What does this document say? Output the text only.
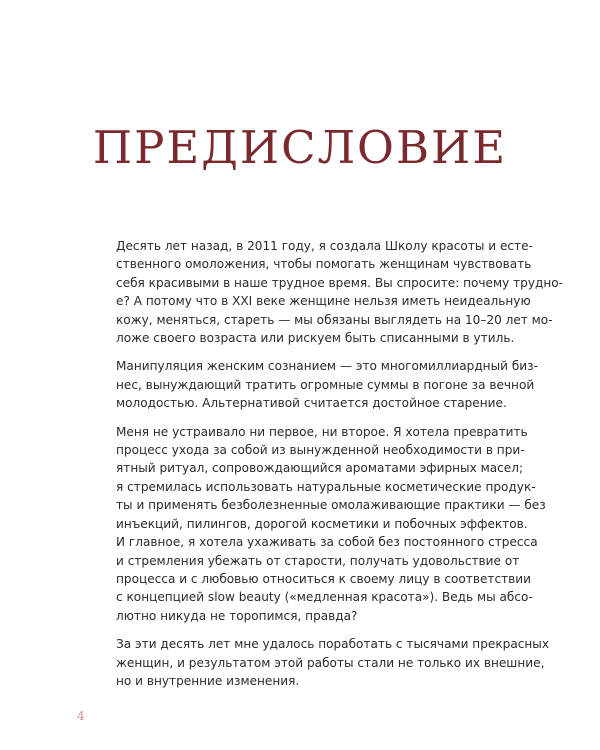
ПРЕДИСЛОВИЕ

Десять лет назад, в 2011 году, я создала Школу красоты и есте-
ственного омоложения, чтобы помогать женщинам чувствовать
себя красивыми в наше трудное время. Вы спросите: почему трудно-
е? А потому что в XXI веке женщине нельзя иметь неидеальную
кожу, меняться, стареть — мы обязаны выглядеть на 10–20 лет мо-
ложе своего возраста или рискуем быть списанными в утиль.

Манипуляция женским сознанием — это многомиллиардный биз-
нес, вынуждающий тратить огромные суммы в погоне за вечной
молодостью. Альтернативой считается достойное старение.

Меня не устраивало ни первое, ни второе. Я хотела превратить
процесс ухода за собой из вынужденной необходимости в при-
ятный ритуал, сопровождающийся ароматами эфирных масел;
я стремилась использовать натуральные косметические продук-
ты и применять безболезненные омолаживающие практики — без
инъекций, пилингов, дорогой косметики и побочных эффектов.
И главное, я хотела ухаживать за собой без постоянного стресса
и стремления убежать от старости, получать удовольствие от
процесса и с любовью относиться к своему лицу в соответствии
с концепцией slow beauty («медленная красота»). Ведь мы абсо-
лютно никуда не торопимся, правда?

За эти десять лет мне удалось поработать с тысячами прекрасных
женщин, и результатом этой работы стали не только их внешние,
но и внутренние изменения.

4
